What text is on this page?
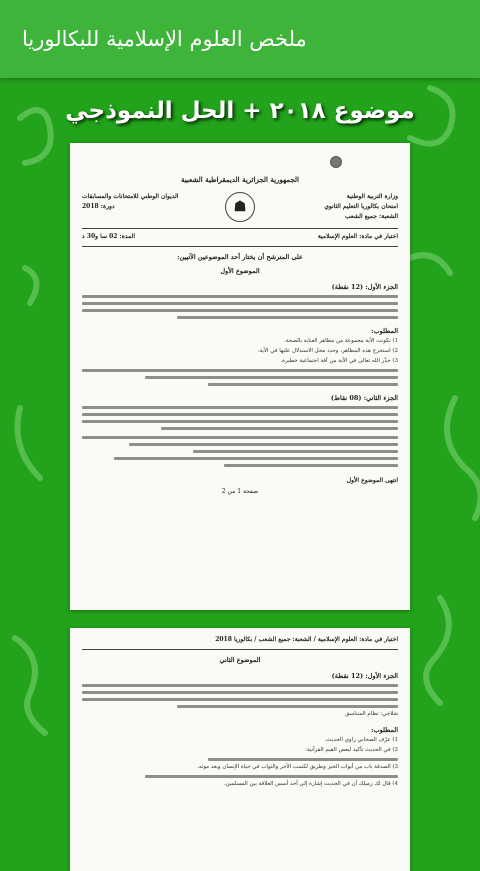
ملخص العلوم الإسلامية للبكالوريا
موضوع ٢٠١٨ + الحل النموذجي
الجمهورية الجزائرية الديمقراطية الشعبية
وزارة التربية الوطنية
امتحان بكالوريا التعليم الثانوي
الشعبة: جميع الشعب
☗
الديوان الوطني للامتحانات والمسابقات
دورة: 2018
اختبار في مادة: العلوم الإسلامية
المدة: 02 سا و30 د
على المترشح أن يختار أحد الموضوعين الآتيين:
الموضوع الأول
الجزء الأول: (12 نقطة)
المطلوب:
1) تكونت الآية مجموعة من مظاهر العناية بالصحة.
2) استخرج هذه المظاهر، وحدد محل الاستدلال عليها في الآية.
3) حذّر الله تعالى في الآية من آفة اجتماعية خطيرة.
الجزء الثاني: (08 نقاط)
انتهى الموضوع الأول
صفحة 1 من 2
اختبار في مادة: العلوم الإسلامية / الشعبة: جميع الشعب / بكالوريا 2018
الموضوع الثاني
الجزء الأول: (12 نقطة)
شلاجي: نظام المتناسق
المطلوب:
1) عرّف الصحابي راوي الحديث.
2) في الحديث تأكيد لبعض القيم القرآنية:
3) الصدقة باب من أبواب الخير وطريق لكسب الأجر والثواب في حياة الإنسان وبعد موته.
4) قال لك زميلك أن في الحديث إشارة إلى أحد أسس العلاقة بين المسلمين.
